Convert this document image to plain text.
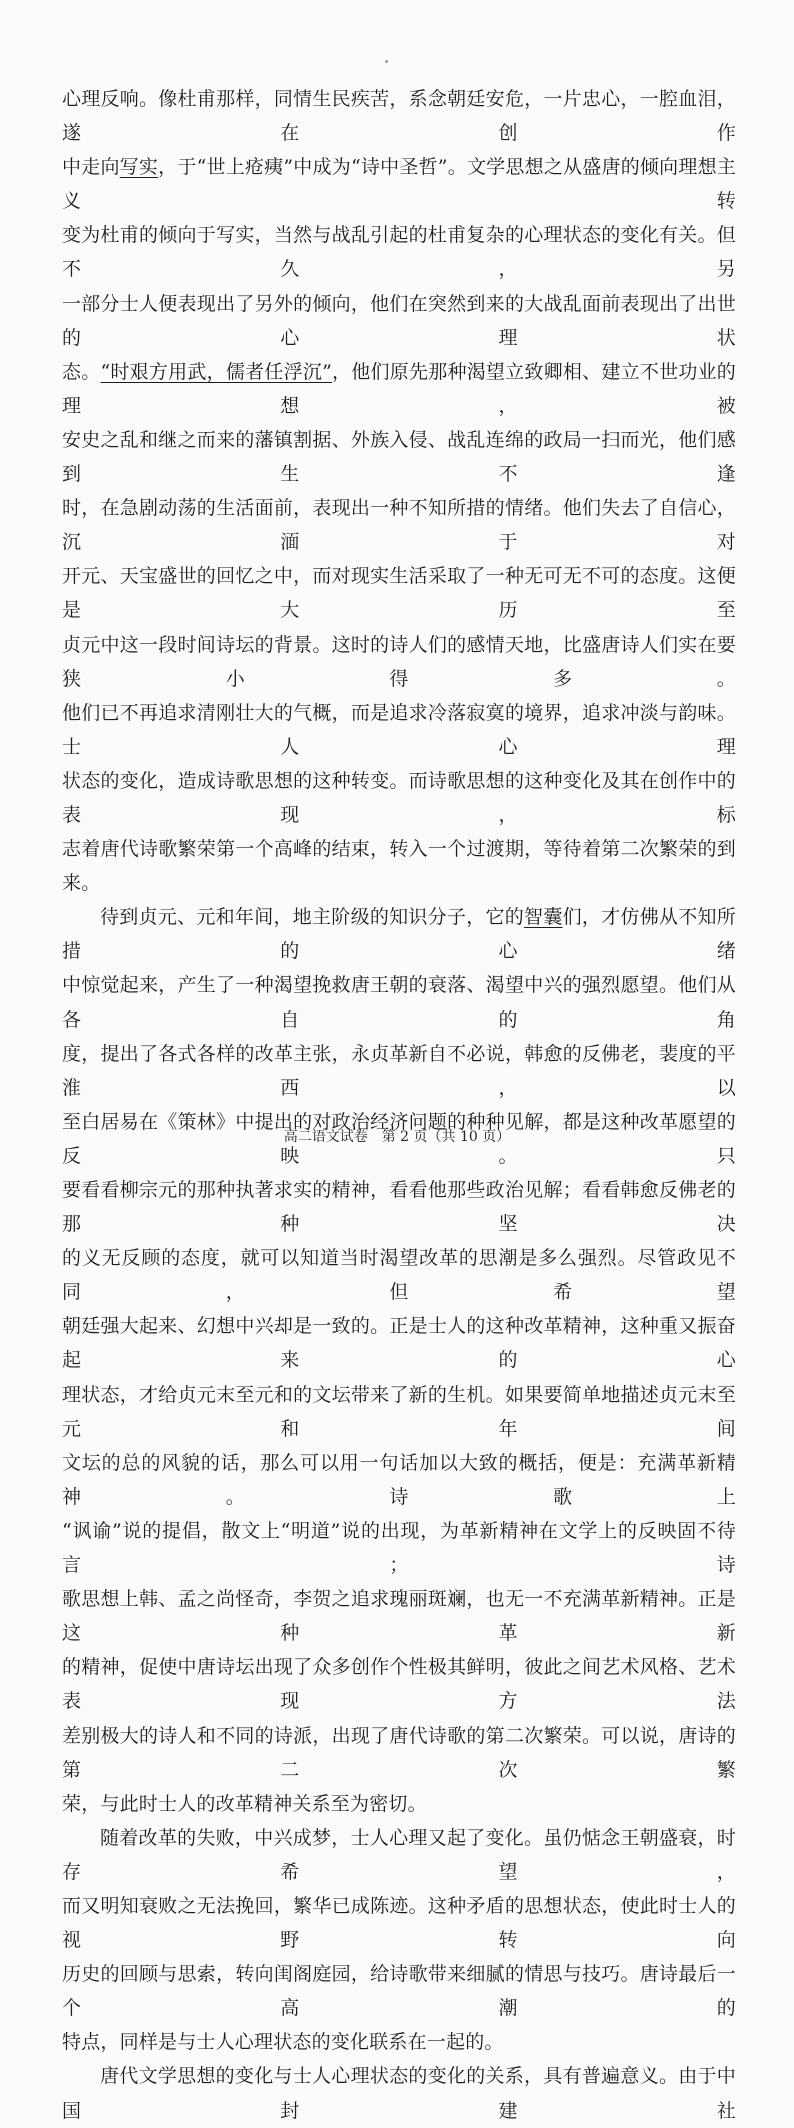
心理反响。像杜甫那样，同情生民疾苦，系念朝廷安危，一片忠心，一腔血泪，遂在创作
中走向写实，于“世上疮痍”中成为“诗中圣哲”。文学思想之从盛唐的倾向理想主义转
变为杜甫的倾向于写实，当然与战乱引起的杜甫复杂的心理状态的变化有关。但不久，另
一部分士人便表现出了另外的倾向，他们在突然到来的大战乱面前表现出了出世的心理状
态。“时艰方用武，儒者任浮沉”，他们原先那种渴望立致卿相、建立不世功业的理想，被
安史之乱和继之而来的藩镇割据、外族入侵、战乱连绵的政局一扫而光，他们感到生不逢
时，在急剧动荡的生活面前，表现出一种不知所措的情绪。他们失去了自信心，沉湎于对
开元、天宝盛世的回忆之中，而对现实生活采取了一种无可无不可的态度。这便是大历至
贞元中这一段时间诗坛的背景。这时的诗人们的感情天地，比盛唐诗人们实在要狭小得多。
他们已不再追求清刚壮大的气概，而是追求冷落寂寞的境界，追求冲淡与韵味。士人心理
状态的变化，造成诗歌思想的这种转变。而诗歌思想的这种变化及其在创作中的表现，标
志着唐代诗歌繁荣第一个高峰的结束，转入一个过渡期，等待着第二次繁荣的到来。
待到贞元、元和年间，地主阶级的知识分子，它的智囊们，才仿佛从不知所措的心绪
中惊觉起来，产生了一种渴望挽救唐王朝的衰落、渴望中兴的强烈愿望。他们从各自的角
度，提出了各式各样的改革主张，永贞革新自不必说，韩愈的反佛老，裴度的平淮西，以
至白居易在《策林》中提出的对政治经济问题的种种见解，都是这种改革愿望的反映。只
要看看柳宗元的那种执著求实的精神，看看他那些政治见解；看看韩愈反佛老的那种坚决
的义无反顾的态度，就可以知道当时渴望改革的思潮是多么强烈。尽管政见不同，但希望
朝廷强大起来、幻想中兴却是一致的。正是士人的这种改革精神，这种重又振奋起来的心
理状态，才给贞元末至元和的文坛带来了新的生机。如果要简单地描述贞元末至元和年间
文坛的总的风貌的话，那么可以用一句话加以大致的概括，便是：充满革新精神。诗歌上
“讽谕”说的提倡，散文上“明道”说的出现，为革新精神在文学上的反映固不待言；诗
歌思想上韩、孟之尚怪奇，李贺之追求瑰丽斑斓，也无一不充满革新精神。正是这种革新
的精神，促使中唐诗坛出现了众多创作个性极其鲜明，彼此之间艺术风格、艺术表现方法
差别极大的诗人和不同的诗派，出现了唐代诗歌的第二次繁荣。可以说，唐诗的第二次繁
荣，与此时士人的改革精神关系至为密切。
随着改革的失败，中兴成梦，士人心理又起了变化。虽仍惦念王朝盛衰，时存希望，
而又明知衰败之无法挽回，繁华已成陈迹。这种矛盾的思想状态，使此时士人的视野转向
历史的回顾与思索，转向闺阁庭园，给诗歌带来细腻的情思与技巧。唐诗最后一个高潮的
特点，同样是与士人心理状态的变化联系在一起的。
唐代文学思想的变化与士人心理状态的变化的关系，具有普遍意义。由于中国封建社
高二语文试卷　第 2 页（共 10 页）
